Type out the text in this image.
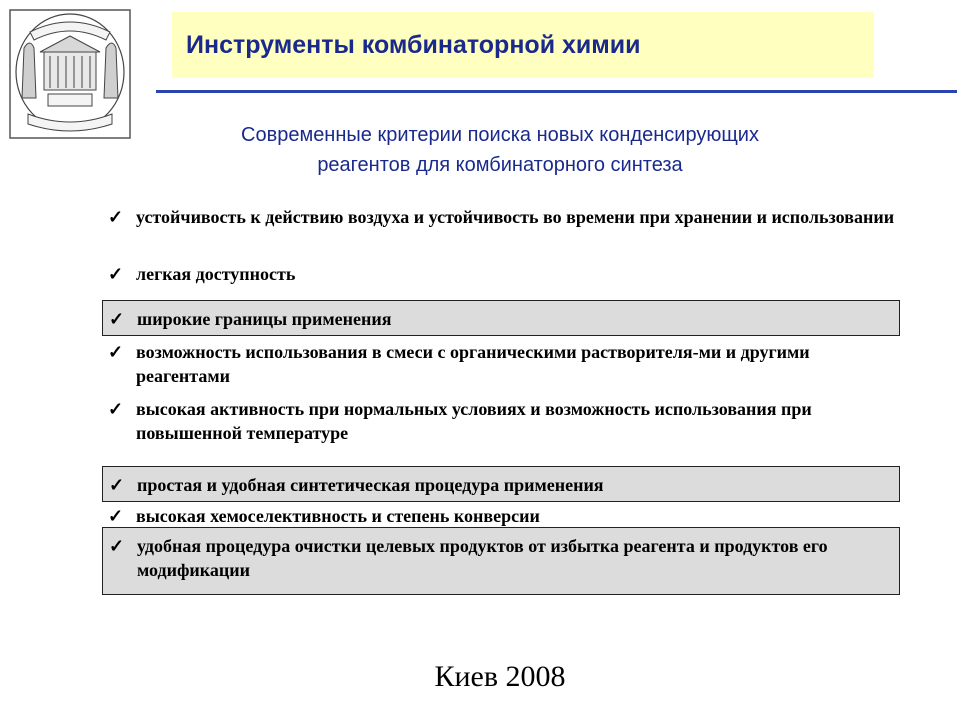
Инструменты комбинаторной химии
Современные критерии поиска новых конденсирующих
реагентов для комбинаторного синтеза
✓ устойчивость к действию воздуха и устойчивость во времени при хранении и использовании
✓ легкая доступность
✓ широкие границы применения
✓ возможность использования в смеси с органическими растворителя-ми и другими реагентами
✓ высокая активность при нормальных условиях и возможность использования при повышенной температуре
✓ простая и удобная синтетическая процедура применения
✓ высокая хемоселективность и степень конверсии
✓ удобная процедура очистки целевых продуктов от избытка реагента и продуктов его модификации
Киев 2008
